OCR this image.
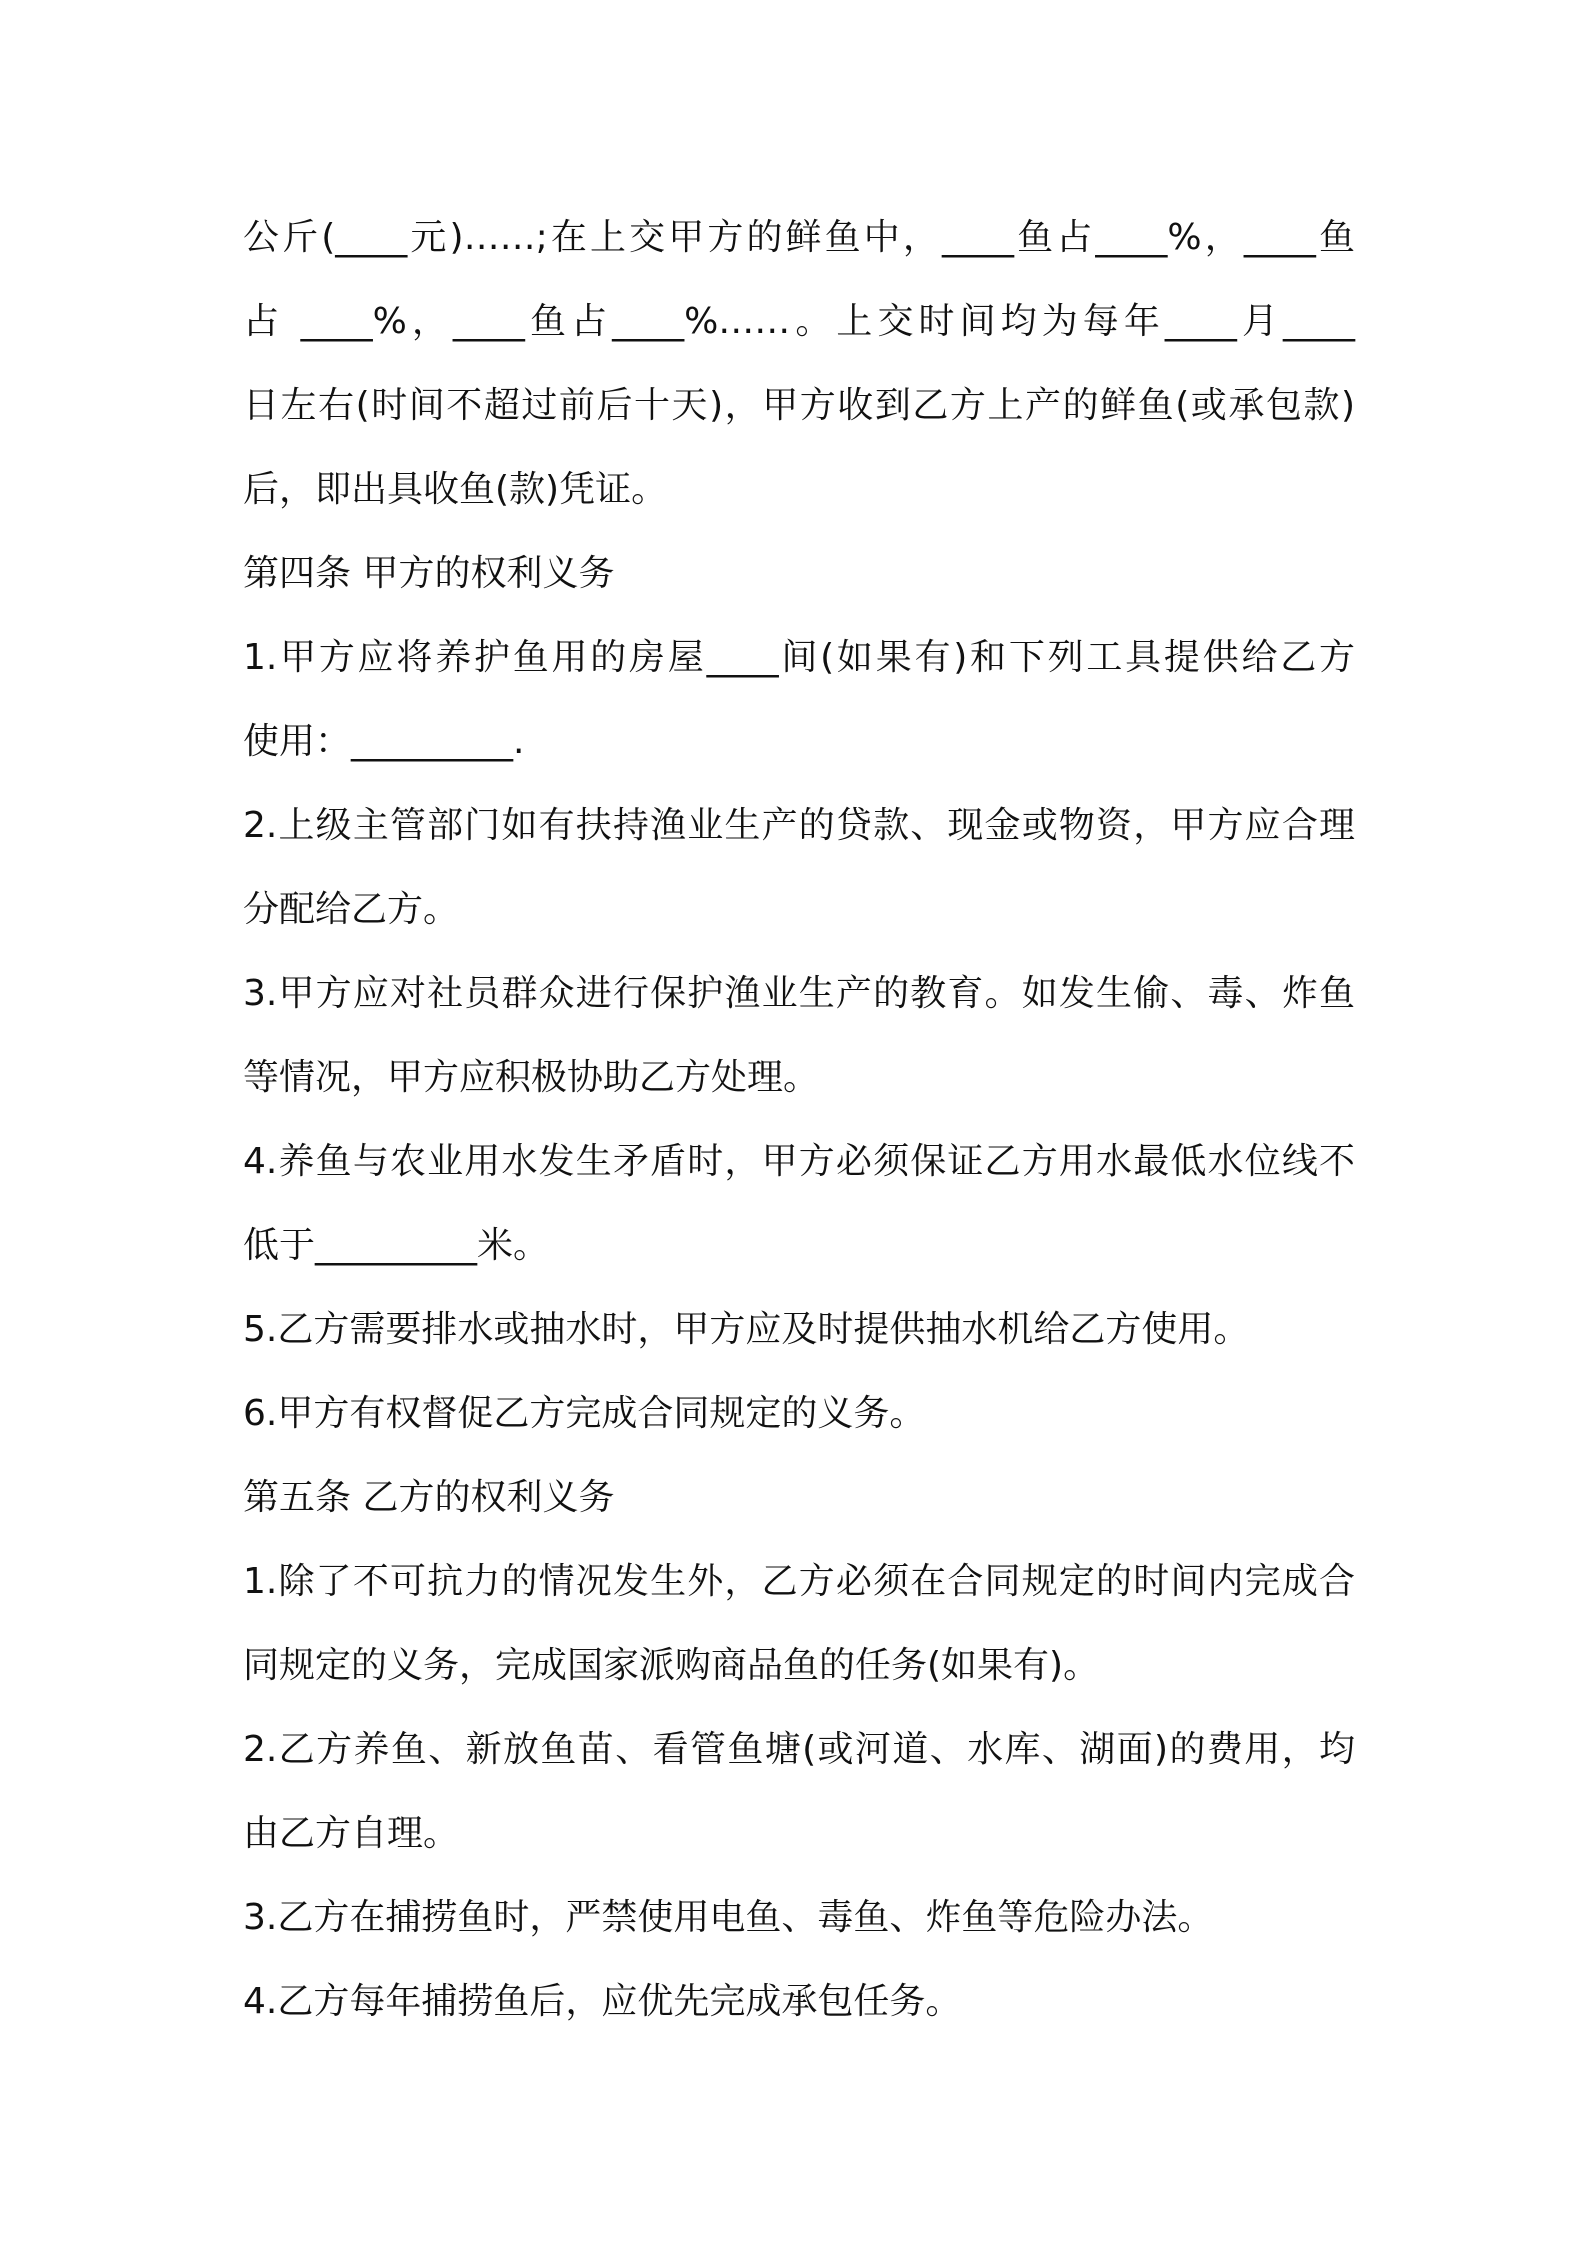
公斤(____元)……;在上交甲方的鲜鱼中，____鱼占____%，____鱼
占 ____%，____鱼占____%……。上交时间均为每年____月____
日左右(时间不超过前后十天)，甲方收到乙方上产的鲜鱼(或承包款)
后，即出具收鱼(款)凭证。
第四条 甲方的权利义务
1.甲方应将养护鱼用的房屋____间(如果有)和下列工具提供给乙方
使用：_________.
2.上级主管部门如有扶持渔业生产的贷款、现金或物资，甲方应合理
分配给乙方。
3.甲方应对社员群众进行保护渔业生产的教育。如发生偷、毒、炸鱼
等情况，甲方应积极协助乙方处理。
4.养鱼与农业用水发生矛盾时，甲方必须保证乙方用水最低水位线不
低于_________米。
5.乙方需要排水或抽水时，甲方应及时提供抽水机给乙方使用。
6.甲方有权督促乙方完成合同规定的义务。
第五条 乙方的权利义务
1.除了不可抗力的情况发生外，乙方必须在合同规定的时间内完成合
同规定的义务，完成国家派购商品鱼的任务(如果有)。
2.乙方养鱼、新放鱼苗、看管鱼塘(或河道、水库、湖面)的费用，均
由乙方自理。
3.乙方在捕捞鱼时，严禁使用电鱼、毒鱼、炸鱼等危险办法。
4.乙方每年捕捞鱼后，应优先完成承包任务。
